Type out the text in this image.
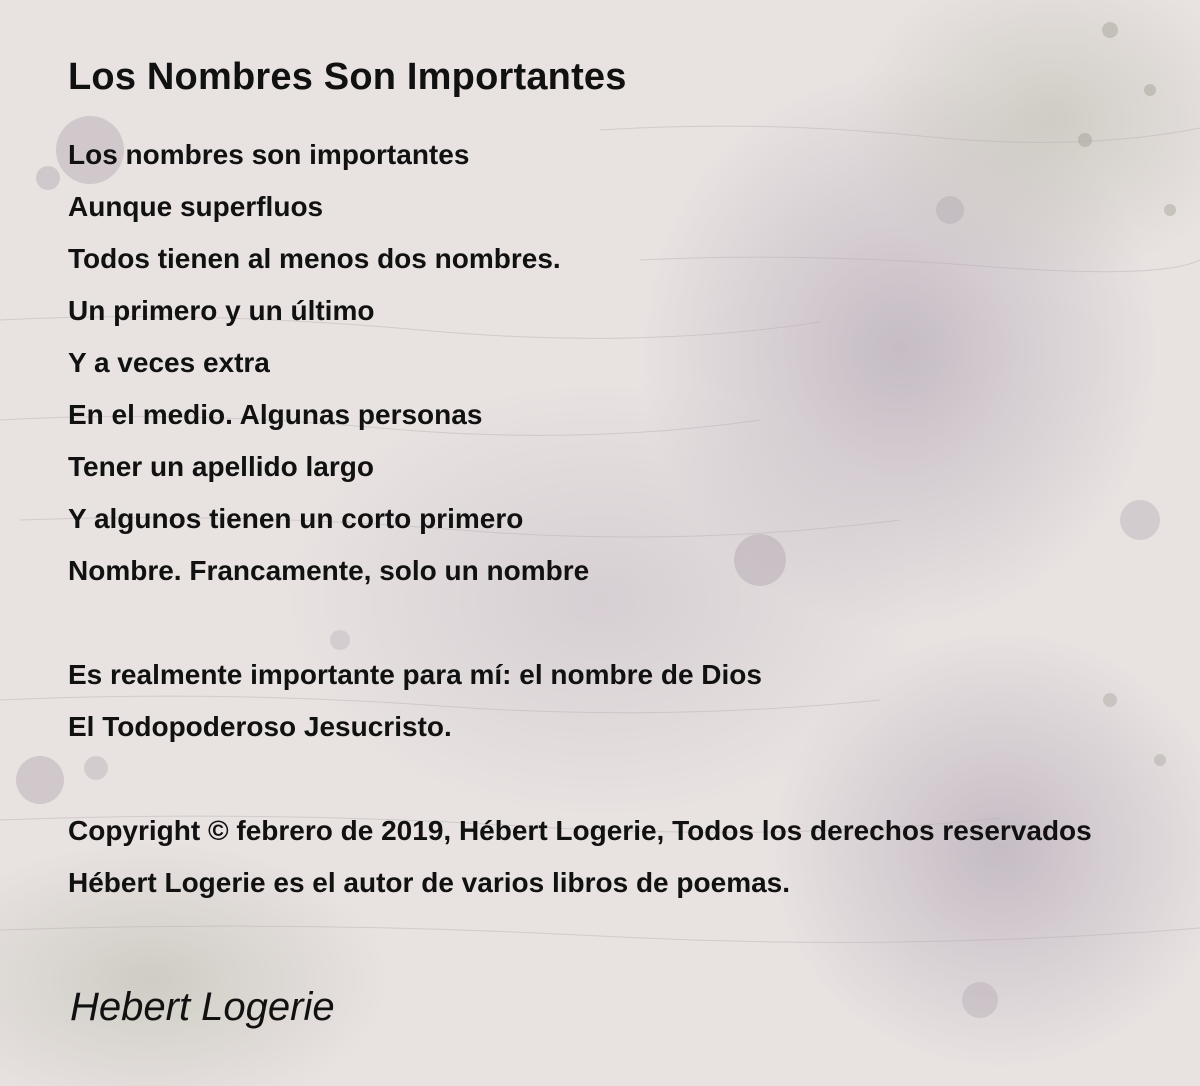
Los Nombres Son Importantes
Los nombres son importantes
Aunque superfluos
Todos tienen al menos dos nombres.
Un primero y un último
Y a veces extra
En el medio. Algunas personas
Tener un apellido largo
Y algunos tienen un corto primero
Nombre. Francamente, solo un nombre
Es realmente importante para mí: el nombre de Dios
El Todopoderoso Jesucristo.
Copyright © febrero de 2019, Hébert Logerie, Todos los derechos reservados
Hébert Logerie es el autor de varios libros de poemas.
Hebert Logerie
